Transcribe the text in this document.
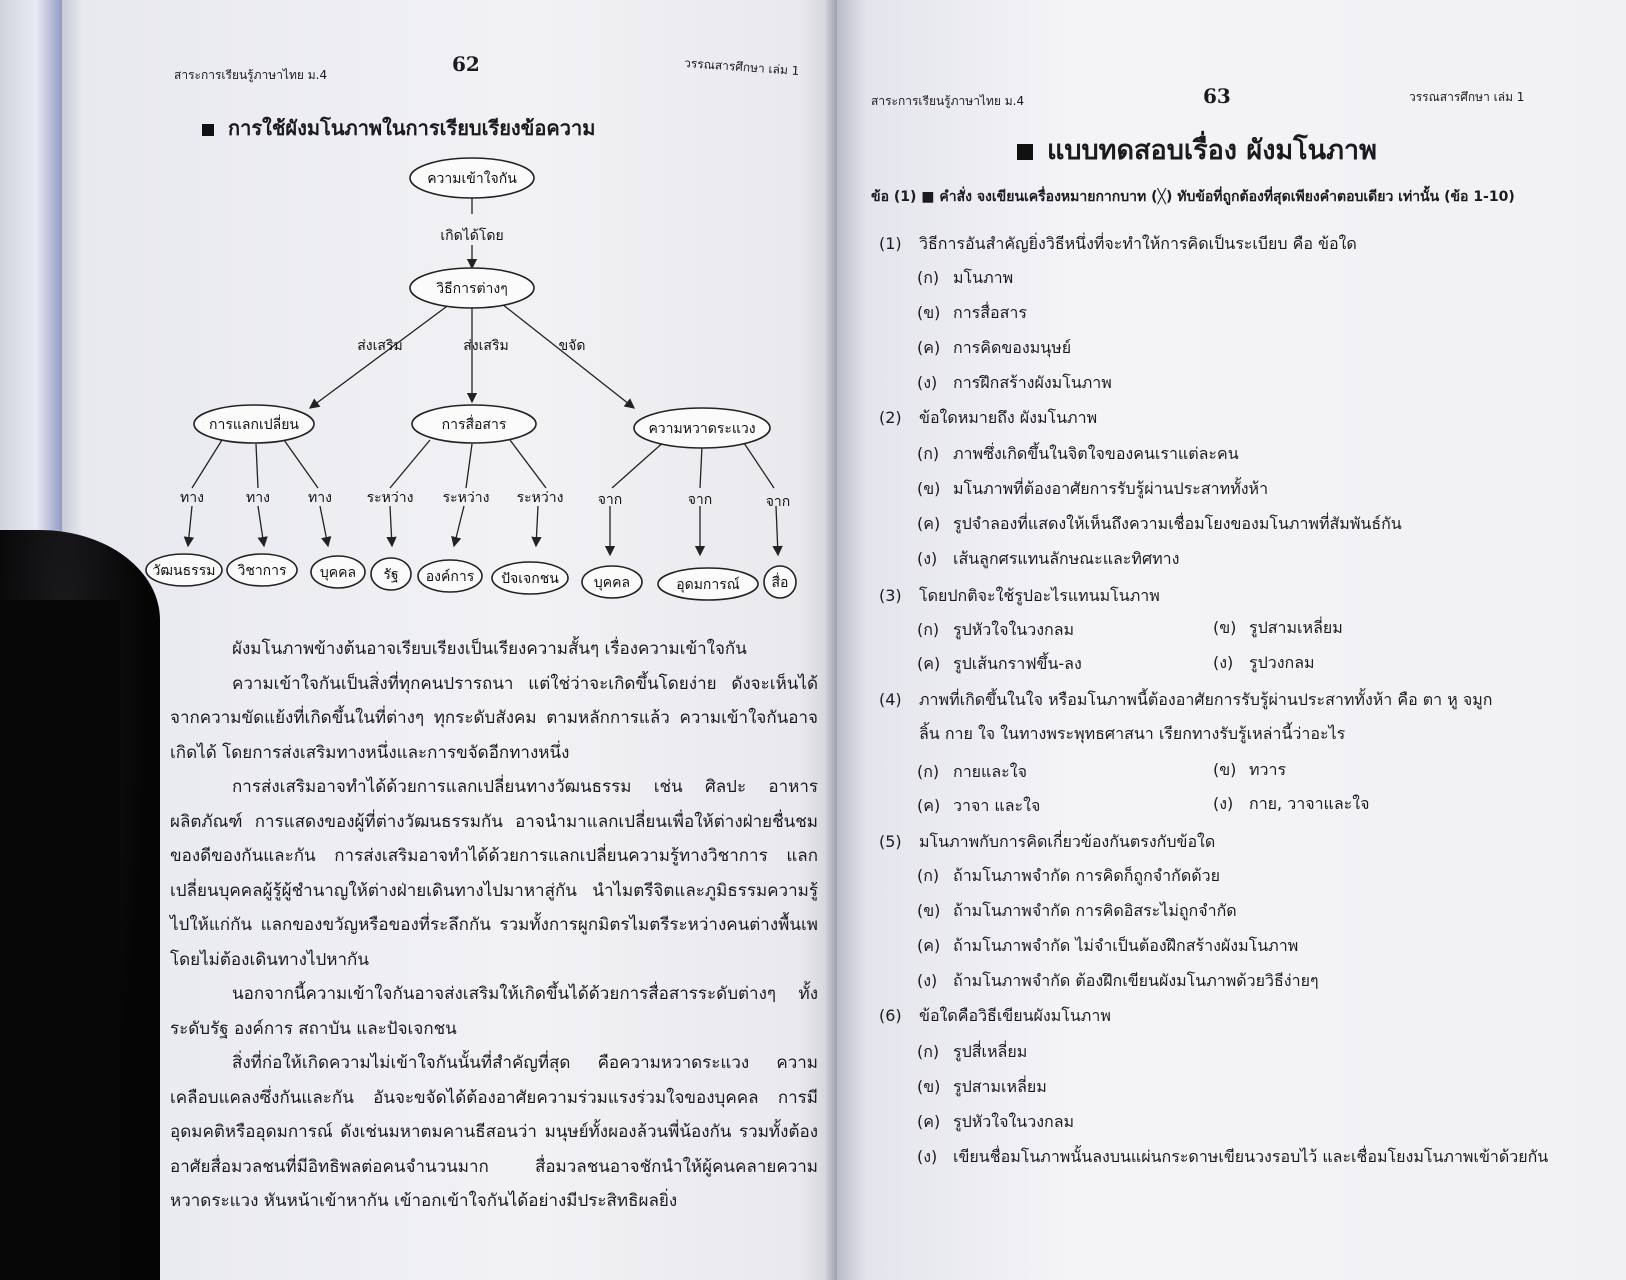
สาระการเรียนรู้ภาษาไทย ม.4	62	วรรณสารศึกษา เล่ม 1
การใช้ผังมโนภาพในการเรียบเรียงข้อความ
ความเข้าใจกัน
เกิดได้โดย
วิธีการต่างๆ
ส่งเสริม	ส่งเสริม	ขจัด
การแลกเปลี่ยน	การสื่อสาร	ความหวาดระแวง
ทาง	ทาง	ทาง ระหว่าง ระหว่าง ระหว่าง จาก	จาก	จาก
วัฒนธรรม วิชาการ บุคคล รัฐ องค์การ ปัจเจกชน	บุคคล	อุดมการณ์ สื่อ

ผังมโนภาพข้างต้นอาจเรียบเรียงเป็นเรียงความสั้นๆ เรื่องความเข้าใจกัน

ความเข้าใจกันเป็นสิ่งที่ทุกคนปรารถนา แต่ใช่ว่าจะเกิดขึ้นโดยง่าย ดังจะเห็นได้จากความขัดแย้งที่เกิดขึ้นในที่ต่างๆ ทุกระดับสังคม ตามหลักการแล้ว ความเข้าใจกันอาจเกิดได้ โดยการส่งเสริมทางหนึ่งและการขจัดอีกทางหนึ่ง

การส่งเสริมอาจทำได้ด้วยการแลกเปลี่ยนทางวัฒนธรรม เช่น ศิลปะ อาหาร ผลิตภัณฑ์ การแสดงของผู้ที่ต่างวัฒนธรรมกัน อาจนำมาแลกเปลี่ยนเพื่อให้ต่างฝ่ายชื่นชมของดีของกันและกัน การส่งเสริมอาจทำได้ด้วยการแลกเปลี่ยนความรู้ทางวิชาการ แลกเปลี่ยนบุคคลผู้รู้ผู้ชำนาญให้ต่างฝ่ายเดินทางไปมาหาสู่กัน นำไมตรีจิตและภูมิธรรมความรู้ไปให้แก่กัน แลกของขวัญหรือของที่ระลึกกัน รวมทั้งการผูกมิตรไมตรีระหว่างคนต่างพื้นเพโดยไม่ต้องเดินทางไปหากัน

นอกจากนี้ความเข้าใจกันอาจส่งเสริมให้เกิดขึ้นได้ด้วยการสื่อสารระดับต่างๆ ทั้งระดับรัฐ องค์การ สถาบัน และปัจเจกชน

สิ่งที่ก่อให้เกิดความไม่เข้าใจกันนั้นที่สำคัญที่สุด คือความหวาดระแวง ความเคลือบแคลงซึ่งกันและกัน อันจะขจัดได้ต้องอาศัยความร่วมแรงร่วมใจของบุคคล การมีอุดมคติหรืออุดมการณ์ ดังเช่นมหาตมคานธีสอนว่า มนุษย์ทั้งผองล้วนพี่น้องกัน รวมทั้งต้องอาศัยสื่อมวลชนที่มีอิทธิพลต่อคนจำนวนมาก สื่อมวลชนอาจชักนำให้ผู้คนคลายความหวาดระแวง หันหน้าเข้าหากัน เข้าอกเข้าใจกันได้อย่างมีประสิทธิผลยิ่ง

สาระการเรียนรู้ภาษาไทย ม.4	63	วรรณสารศึกษา เล่ม 1
แบบทดสอบเรื่อง ผังมโนภาพ
ข้อ (1) ■ คำสั่ง จงเขียนเครื่องหมายกากบาท (╳) ทับข้อที่ถูกต้องที่สุดเพียงคำตอบเดียว เท่านั้น (ข้อ 1-10)
(1) วิธีการอันสำคัญยิ่งวิธีหนึ่งที่จะทำให้การคิดเป็นระเบียบ คือ ข้อใด
(ก) มโนภาพ
(ข) การสื่อสาร
(ค) การคิดของมนุษย์
(ง) การฝึกสร้างผังมโนภาพ
(2) ข้อใดหมายถึง ผังมโนภาพ
(ก) ภาพซึ่งเกิดขึ้นในจิตใจของคนเราแต่ละคน
(ข) มโนภาพที่ต้องอาศัยการรับรู้ผ่านประสาททั้งห้า
(ค) รูปจำลองที่แสดงให้เห็นถึงความเชื่อมโยงของมโนภาพที่สัมพันธ์กัน
(ง) เส้นลูกศรแทนลักษณะและทิศทาง
(3) โดยปกติจะใช้รูปอะไรแทนมโนภาพ
(ก) รูปหัวใจในวงกลม	(ข) รูปสามเหลี่ยม
(ค) รูปเส้นกราฟขึ้น-ลง	(ง) รูปวงกลม
(4) ภาพที่เกิดขึ้นในใจ หรือมโนภาพนี้ต้องอาศัยการรับรู้ผ่านประสาททั้งห้า คือ ตา หู จมูก
ลิ้น กาย ใจ ในทางพระพุทธศาสนา เรียกทางรับรู้เหล่านี้ว่าอะไร
(ก) กายและใจ	(ข) ทวาร
(ค) วาจา และใจ	(ง) กาย, วาจาและใจ
(5) มโนภาพกับการคิดเกี่ยวข้องกันตรงกับข้อใด
(ก) ถ้ามโนภาพจำกัด การคิดก็ถูกจำกัดด้วย
(ข) ถ้ามโนภาพจำกัด การคิดอิสระไม่ถูกจำกัด
(ค) ถ้ามโนภาพจำกัด ไม่จำเป็นต้องฝึกสร้างผังมโนภาพ
(ง) ถ้ามโนภาพจำกัด ต้องฝึกเขียนผังมโนภาพด้วยวิธีง่ายๆ
(6) ข้อใดคือวิธีเขียนผังมโนภาพ
(ก) รูปสี่เหลี่ยม
(ข) รูปสามเหลี่ยม
(ค) รูปหัวใจในวงกลม
(ง) เขียนชื่อมโนภาพนั้นลงบนแผ่นกระดาษเขียนวงรอบไว้ และเชื่อมโยงมโนภาพเข้าด้วยกัน
